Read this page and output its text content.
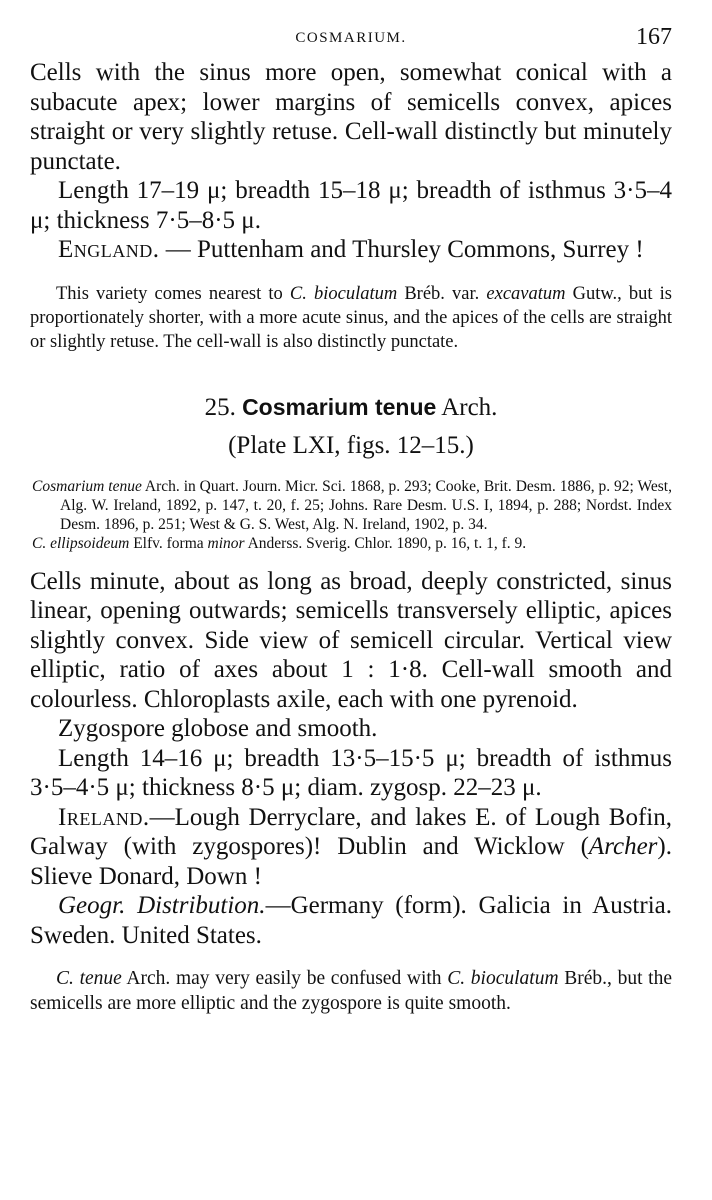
COSMARIUM.	167

Cells with the sinus more open, somewhat conical with a subacute apex; lower margins of semicells convex, apices straight or very slightly retuse. Cell-wall distinctly but minutely punctate.

Length 17–19 μ; breadth 15–18 μ; breadth of isthmus 3·5–4 μ; thickness 7·5–8·5 μ.

England. — Puttenham and Thursley Commons, Surrey !

This variety comes nearest to C. bioculatum Bréb. var. excavatum Gutw., but is proportionately shorter, with a more acute sinus, and the apices of the cells are straight or slightly retuse. The cell-wall is also distinctly punctate.

25. Cosmarium tenue Arch.
(Plate LXI, figs. 12–15.)

Cosmarium tenue Arch. in Quart. Journ. Micr. Sci. 1868, p. 293; Cooke, Brit. Desm. 1886, p. 92; West, Alg. W. Ireland, 1892, p. 147, t. 20, f. 25; Johns. Rare Desm. U.S. I, 1894, p. 288; Nordst. Index Desm. 1896, p. 251; West & G. S. West, Alg. N. Ireland, 1902, p. 34.

C. ellipsoideum Elfv. forma minor Anderss. Sverig. Chlor. 1890, p. 16, t. 1, f. 9.

Cells minute, about as long as broad, deeply constricted, sinus linear, opening outwards; semicells transversely elliptic, apices slightly convex. Side view of semicell circular. Vertical view elliptic, ratio of axes about 1 : 1·8. Cell-wall smooth and colourless. Chloroplasts axile, each with one pyrenoid.

Zygospore globose and smooth.

Length 14–16 μ; breadth 13·5–15·5 μ; breadth of isthmus 3·5–4·5 μ; thickness 8·5 μ; diam. zygosp. 22–23 μ.

Ireland.—Lough Derryclare, and lakes E. of Lough Bofin, Galway (with zygospores)! Dublin and Wicklow (Archer). Slieve Donard, Down !

Geogr. Distribution.—Germany (form). Galicia in Austria. Sweden. United States.

C. tenue Arch. may very easily be confused with C. bioculatum Bréb., but the semicells are more elliptic and the zygospore is quite smooth.
